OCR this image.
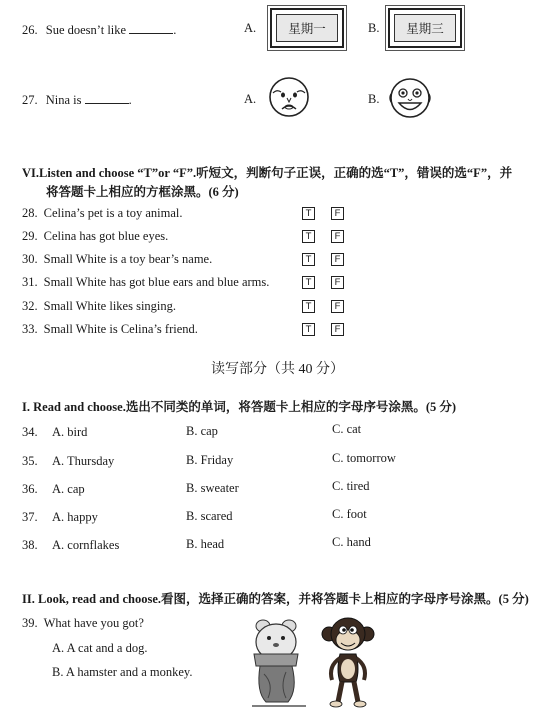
26. Sue doesn’t like	.	A.	星期一	B. 星期三
27. Nina is	.	A.	B.
VI.Listen and choose “T”or “F”.听短文，判断句子正误，正确的选“T”，错误的选“F”，并
将答题卡上相应的方框涂黑。(6 分)
28. Celina’s pet is a toy animal.	T	F
29. Celina has got blue eyes.	T	F
30. Small White is a toy bear’s name.	T	F
31. Small White has got blue ears and blue arms.	T	F
32. Small White likes singing.	T	F
33. Small White is Celina’s friend.	T	F
读写部分（共 40 分）
I. Read and choose.选出不同类的单词，将答题卡上相应的字母序号涂黑。(5 分)
34. A. bird	B. cap	C. cat
35. A. Thursday	B. Friday	C. tomorrow
36. A. cap	B. sweater	C. tired
37. A. happy	B. scared	C. foot
38. A. cornflakes	B. head	C. hand
II. Look, read and choose.看图，选择正确的答案，并将答题卡上相应的字母序号涂黑。(5 分)
39. What have you got?
A. A cat and a dog.
B. A hamster and a monkey.
